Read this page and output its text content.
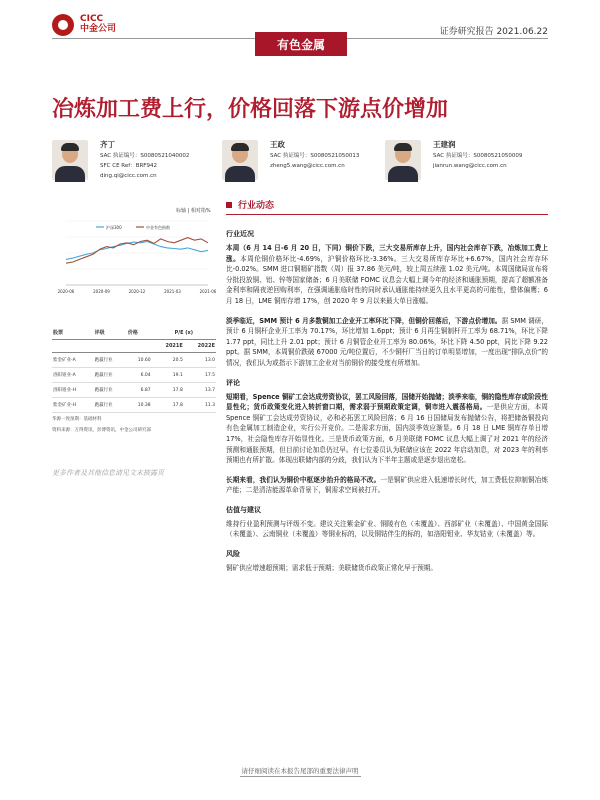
CICC
中金公司
有色金属
证券研究报告 2021.06.22
冶炼加工费上行，价格回落下游点价增加
齐丁
SAC 执证编号：S0080521040002
SFC CE Ref：BRF942
ding.qi@cicc.com.cn
王政
SAC 执证编号：S0080521050013
zheng5.wang@cicc.com.cn
王建润
SAC 执证编号：S0080521050009
jianrun.wang@cicc.com.cn
标轴 | 相对指%
沪深300	中金有色指数
2020-06	2020-09	2020-12	2021-03	2021-06
股票	评级	价格	P/E (x)	
			2021E	2022E
紫金矿业-A	跑赢行业	10.60	20.5	13.0
洛阳钼业-A	跑赢行业	6.04	19.1	17.5
洛阳钼业-H	跑赢行业	6.87	17.8	13.7
紫金矿业-H	跑赢行业	10.38	17.8	11.3
华源一致预期：基础材料
资料来源：万得资讯，彭博资讯，中金公司研究部
更多作者及其他信息请见文末披露页
行业动态
行业近况
本周（6 月 14 日-6 月 20 日，下同）铜价下跌，三大交易所库存上升，国内社会库存下跌，冶炼加工费上涨。本周伦铜价格环比-4.69%，沪铜价格环比-3.36%。三大交易所库存环比+6.67%，国内社会库存环比-0.02%。SMM 进口铜精矿指数（周）报 37.86 美元/吨，较上周五续涨 1.02 美元/吨。本周国储局宣布将分批投放铜、铝、锌等国家储备；6 月美联储 FOMC 议息会大幅上调今年的经济和通胀预期，提高了超额准备金利率和隔夜逆回购利率，在强调通胀临时性的同时承认通胀能持续更久且水平更高的可能性，整体偏鹰；6 月 18 日，LME 铜库存增 17%，创 2020 年 9 月以来最大单日涨幅。
淡季临近，SMM 预计 6 月多数铜加工企业开工率环比下降，但铜价回落后，下游点价增加。据 SMM 调研，预计 6 月铜杆企业开工率为 70.17%，环比增加 1.6ppt；预计 6 月再生铜制杆开工率为 68.71%，环比下降 1.77 ppt，同比上升 2.01 ppt；预计 6 月铜管企业开工率为 80.06%，环比下降 4.50 ppt，同比下降 9.22 ppt。据 SMM，本周铜价跌破 67000 元/吨位置后，不少铜杆厂当日的订单明显增加，一度出现“排队点价”的情况，我们认为或指示下游加工企业对当前铜价的接受度有所增加。
评论
短期看，Spence 铜矿工会达成劳资协议，罢工风险回落，国储开始抛储；淡季来临，铜的隐性库存或阶段性显性化；货币政策变化进入转折窗口期，需求弱于预期政策定调，铜市进入震荡格局。一是供应方面，本周 Spence 铜矿工会达成劳资协议，必和必拓罢工风险回落；6 月 16 日国储局发布抛储公告，将把储备铜投向有色金属加工制造企业，实行公开竞价。二是需求方面，国内淡季效应渐显。6 月 18 日 LME 铜库存单日增 17%，社会隐性库存开始显性化。三是货币政策方面，6 月美联储 FOMC 议息大幅上调了对 2021 年的经济预测和通胀预期，但目前讨论加息仍过早。有七位委员认为联储应该在 2022 年启动加息，对 2023 年的利率预期也有所扩散。体现出联储内部的分歧，我们认为下半年主题或是逐步退出宽松。
长期来看，我们认为铜价中枢逐步抬升的格局不改。一是铜矿供应进入低速增长时代，加工费低位抑制铜冶炼产能；二是清洁能源革命背景下，铜需求空间被打开。
估值与建议
维持行业盈利预测与评级不变。建议关注紫金矿业、铜陵有色（未覆盖）、西部矿业（未覆盖）、中国黄金国际（未覆盖）、云南铜业（未覆盖）等铜业标的，以及铜钴伴生的标的，如洛阳钼业、华友钴业（未覆盖）等。
风险
铜矿供应增速超预期；需求低于预期；美联储货币政策正常化早于预期。
请仔细阅读在本报告尾部的重要法律声明
